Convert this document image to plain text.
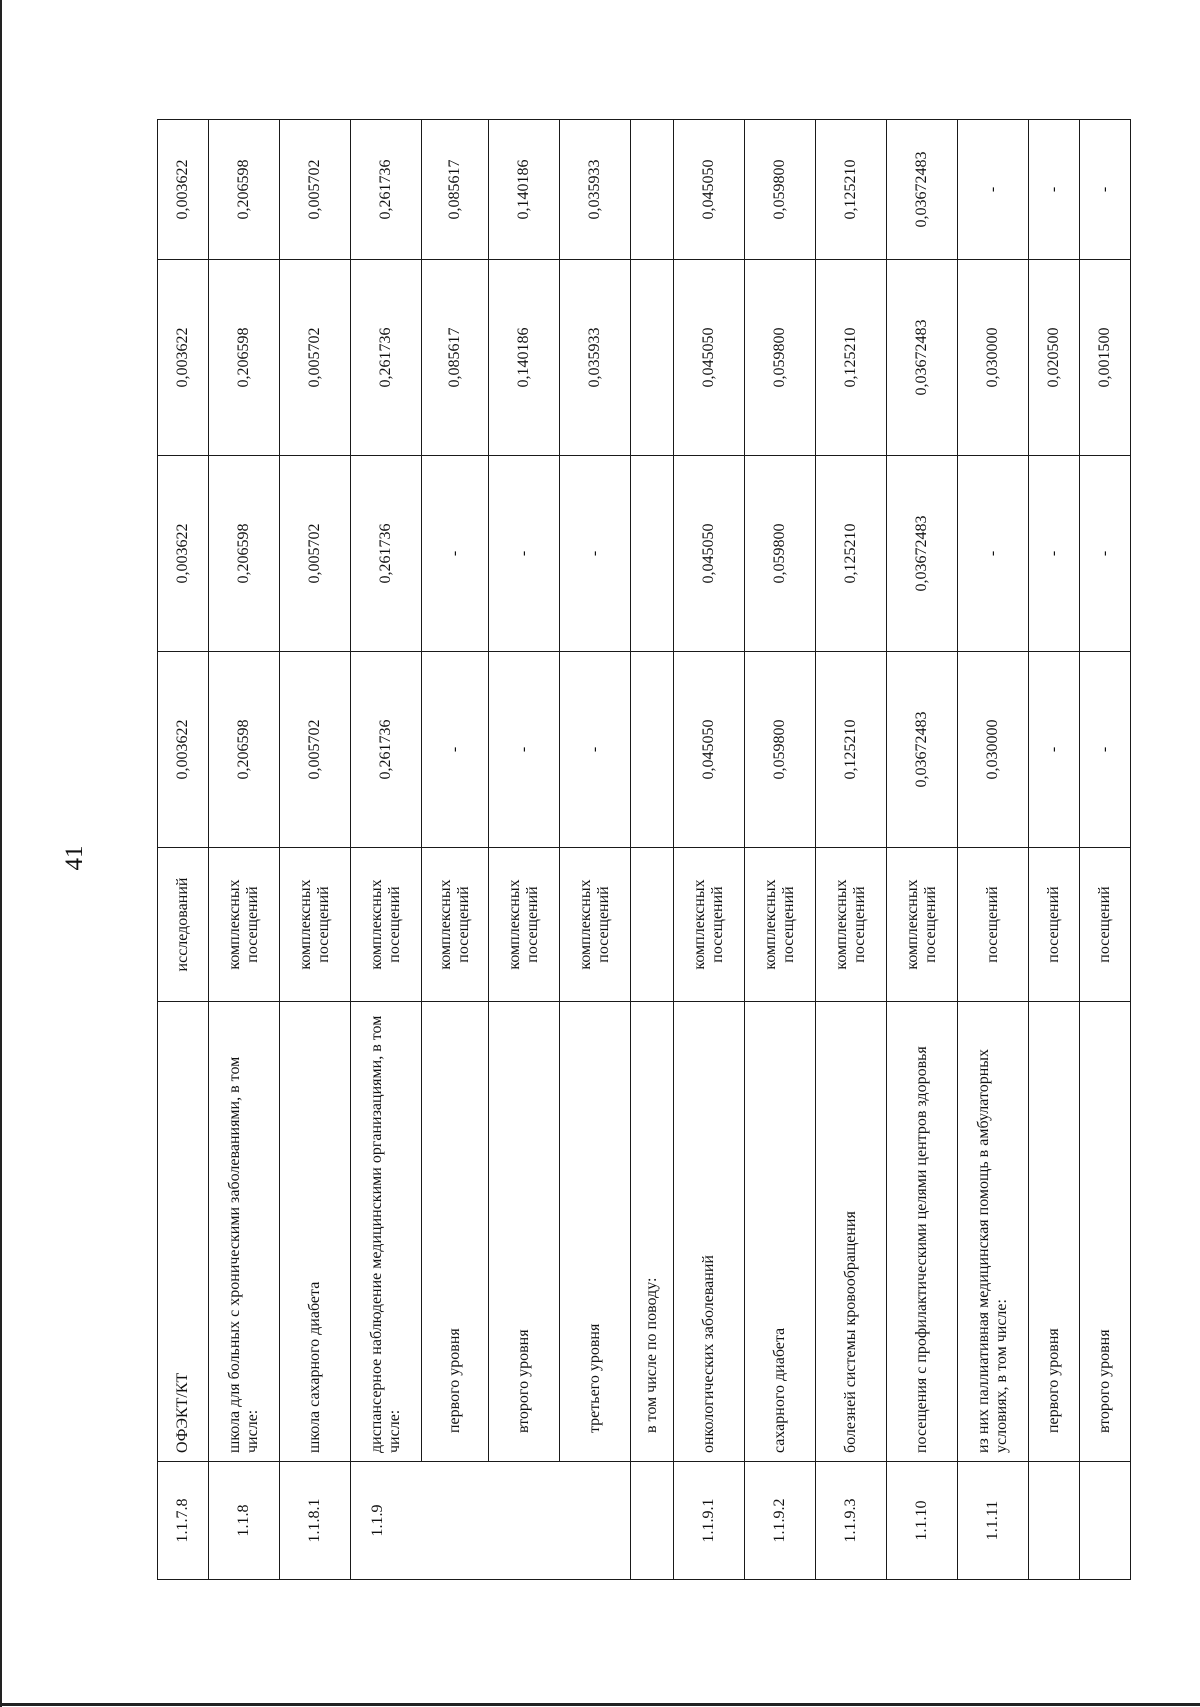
41
1.1.7.8	ОФЭКТ/КТ	исследований	0,003622	0,003622	0,003622	0,003622
1.1.8	школа для больных с хроническими заболеваниями, в том числе:	комплексных посещений	0,206598	0,206598	0,206598	0,206598
1.1.8.1	школа сахарного диабета	комплексных посещений	0,005702	0,005702	0,005702	0,005702
1.1.9	диспансерное наблюдение медицинскими организациями, в том числе:	комплексных посещений	0,261736	0,261736	0,261736	0,261736
	первого уровня	комплексных посещений	-	-	0,085617	0,085617
	второго уровня	комплексных посещений	-	-	0,140186	0,140186
	третьего уровня	комплексных посещений	-	-	0,035933	0,035933
	в том числе по поводу:					
1.1.9.1	онкологических заболеваний	комплексных посещений	0,045050	0,045050	0,045050	0,045050
1.1.9.2	сахарного диабета	комплексных посещений	0,059800	0,059800	0,059800	0,059800
1.1.9.3	болезней системы кровообращения	комплексных посещений	0,125210	0,125210	0,125210	0,125210
1.1.10	посещения с профилактическими целями центров здоровья	комплексных посещений	0,03672483	0,03672483	0,03672483	0,03672483
1.1.11	из них паллиативная медицинская помощь в амбулаторных условиях, в том числе:	посещений	0,030000	-	0,030000	-
	первого уровня	посещений	-	-	0,020500	-
	второго уровня	посещений	-	-	0,001500	-
